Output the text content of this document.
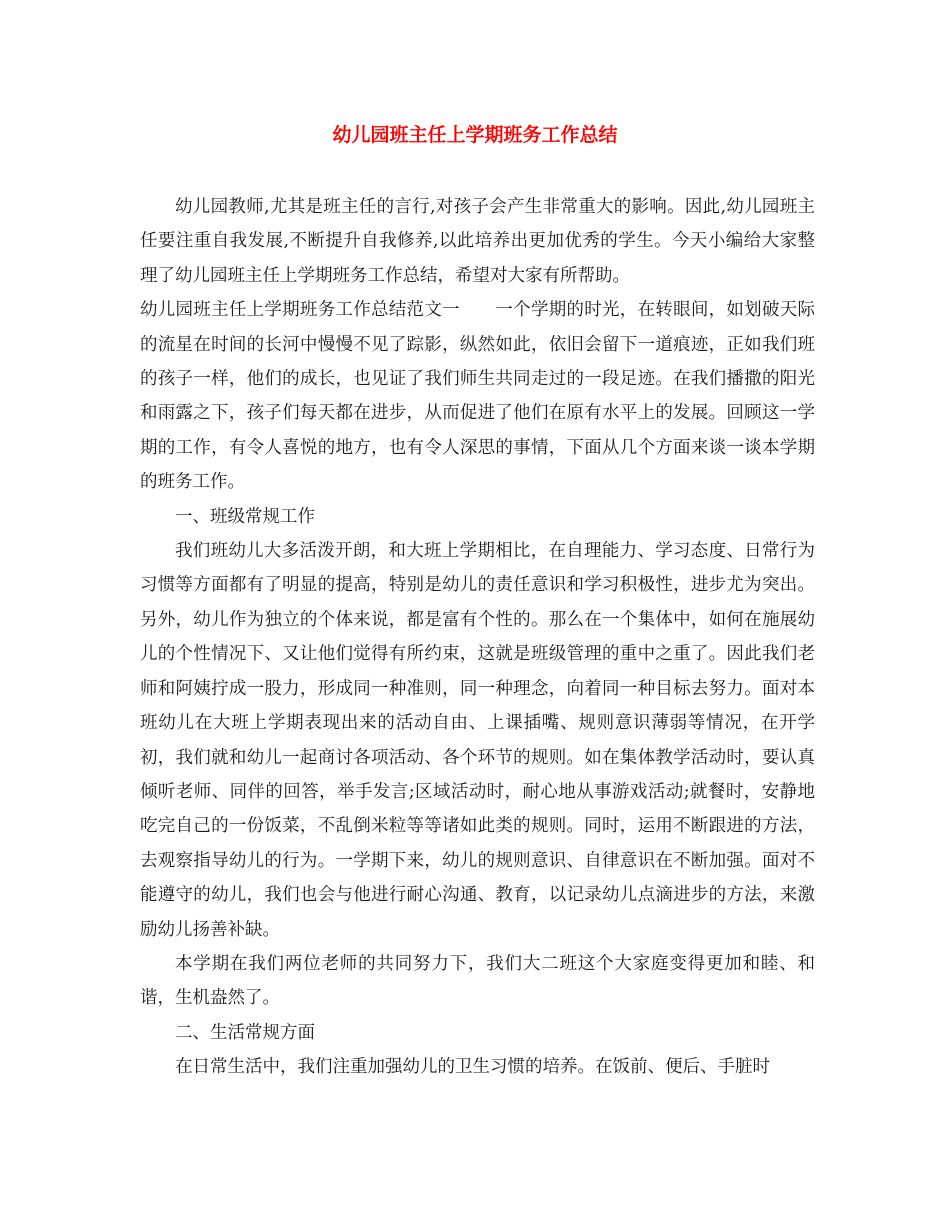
幼儿园班主任上学期班务工作总结

幼儿园教师,尤其是班主任的言行,对孩子会产生非常重大的影响。因此,幼儿园班主任要注重自我发展,不断提升自我修养,以此培养出更加优秀的学生。今天小编给大家整理了幼儿园班主任上学期班务工作总结，希望对大家有所帮助。

幼儿园班主任上学期班务工作总结范文一　　一个学期的时光，在转眼间，如划破天际的流星在时间的长河中慢慢不见了踪影，纵然如此，依旧会留下一道痕迹，正如我们班的孩子一样，他们的成长，也见证了我们师生共同走过的一段足迹。在我们播撒的阳光和雨露之下，孩子们每天都在进步，从而促进了他们在原有水平上的发展。回顾这一学期的工作，有令人喜悦的地方，也有令人深思的事情，下面从几个方面来谈一谈本学期的班务工作。

一、班级常规工作

我们班幼儿大多活泼开朗，和大班上学期相比，在自理能力、学习态度、日常行为习惯等方面都有了明显的提高，特别是幼儿的责任意识和学习积极性，进步尤为突出。另外，幼儿作为独立的个体来说，都是富有个性的。那么在一个集体中，如何在施展幼儿的个性情况下、又让他们觉得有所约束，这就是班级管理的重中之重了。因此我们老师和阿姨拧成一股力，形成同一种准则，同一种理念，向着同一种目标去努力。面对本班幼儿在大班上学期表现出来的活动自由、上课插嘴、规则意识薄弱等情况，在开学初，我们就和幼儿一起商讨各项活动、各个环节的规则。如在集体教学活动时，要认真倾听老师、同伴的回答，举手发言;区域活动时，耐心地从事游戏活动;就餐时，安静地吃完自己的一份饭菜，不乱倒米粒等等诸如此类的规则。同时，运用不断跟进的方法，去观察指导幼儿的行为。一学期下来，幼儿的规则意识、自律意识在不断加强。面对不能遵守的幼儿，我们也会与他进行耐心沟通、教育，以记录幼儿点滴进步的方法，来激励幼儿扬善补缺。

本学期在我们两位老师的共同努力下，我们大二班这个大家庭变得更加和睦、和谐，生机盎然了。

二、生活常规方面

在日常生活中，我们注重加强幼儿的卫生习惯的培养。在饭前、便后、手脏时
